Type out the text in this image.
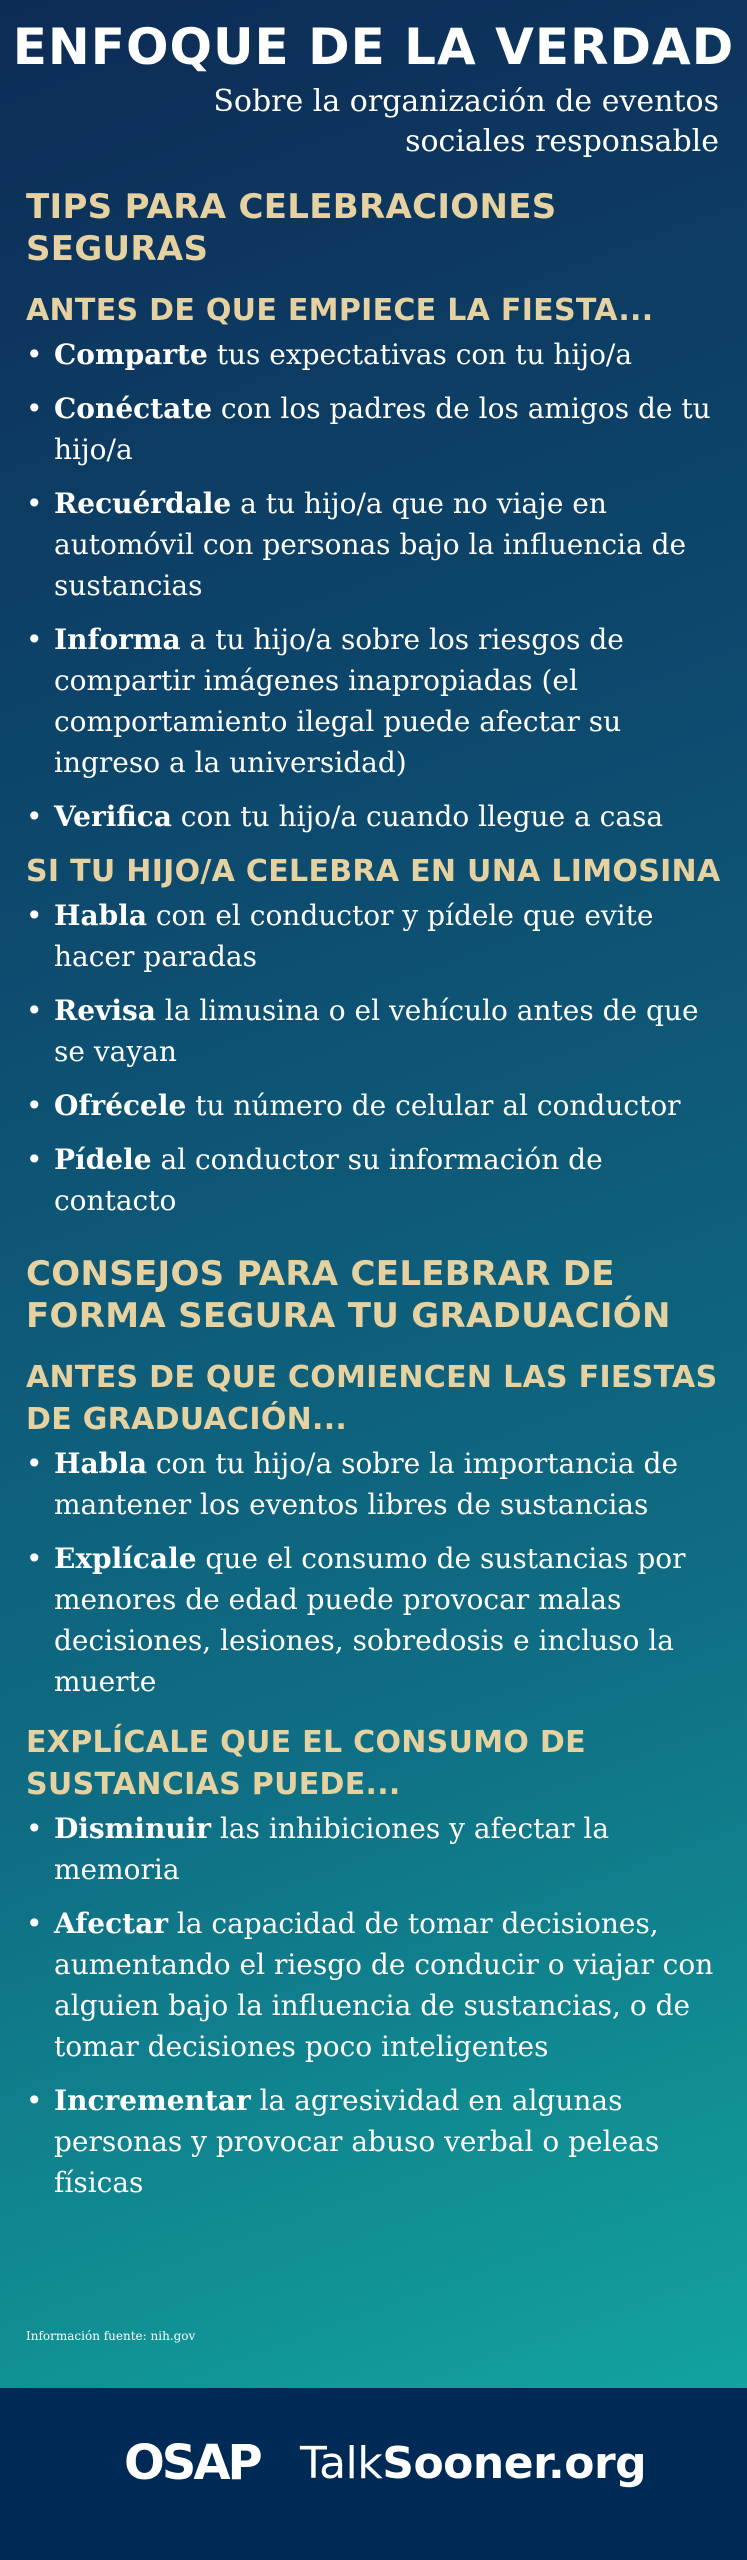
ENFOQUE DE LA VERDAD

Sobre la organización de eventos sociales responsable

TIPS PARA CELEBRACIONES SEGURAS
ANTES DE QUE EMPIECE LA FIESTA...
• Comparte tus expectativas con tu hijo/a
• Conéctate con los padres de los amigos de tu hijo/a
• Recuérdale a tu hijo/a que no viaje en automóvil con personas bajo la influencia de sustancias
• Informa a tu hijo/a sobre los riesgos de compartir imágenes inapropiadas (el comportamiento ilegal puede afectar su ingreso a la universidad)
• Verifica con tu hijo/a cuando llegue a casa
SI TU HIJO/A CELEBRA EN UNA LIMOSINA
• Habla con el conductor y pídele que evite hacer paradas
• Revisa la limusina o el vehículo antes de que se vayan
• Ofrécele tu número de celular al conductor
• Pídele al conductor su información de contacto
CONSEJOS PARA CELEBRAR DE FORMA SEGURA TU GRADUACIÓN
ANTES DE QUE COMIENCEN LAS FIESTAS DE GRADUACIÓN...
• Habla con tu hijo/a sobre la importancia de mantener los eventos libres de sustancias
• Explícale que el consumo de sustancias por menores de edad puede provocar malas decisiones, lesiones, sobredosis e incluso la muerte
EXPLÍCALE QUE EL CONSUMO DE SUSTANCIAS PUEDE...
• Disminuir las inhibiciones y afectar la memoria
• Afectar la capacidad de tomar decisiones, aumentando el riesgo de conducir o viajar con alguien bajo la influencia de sustancias, o de tomar decisiones poco inteligentes
• Incrementar la agresividad en algunas personas y provocar abuso verbal o peleas físicas
Información fuente: nih.gov
OSAP TalkSooner.org
